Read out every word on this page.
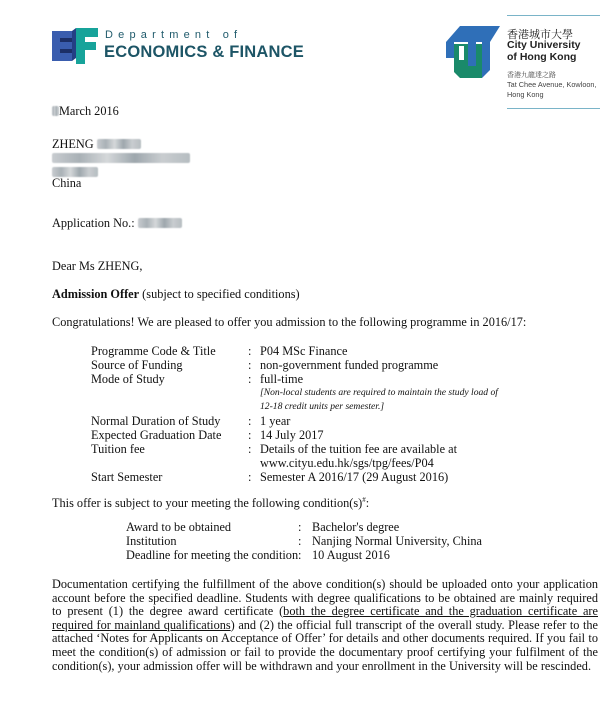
Department of
ECONOMICS & FINANCE
香港城市大學
City University
of Hong Kong
香港九龍達之路
Tat Chee Avenue, Kowloon,
Hong Kong
March 2016
ZHENG
China
Application No.:
Dear Ms ZHENG,
Admission Offer (subject to specified conditions)
Congratulations! We are pleased to offer you admission to the following programme in 2016/17:
Programme Code & Title	: P04 MSc Finance
Source of Funding	: non-government funded programme
Mode of Study	: full-time
[Non-local students are required to maintain the study load of
12-18 credit units per semester.]
Normal Duration of Study : 1 year
Expected Graduation Date : 14 July 2017
Tuition fee	: Details of the tuition fee are available at
www.cityu.edu.hk/sgs/tpg/fees/P04
Start Semester	: Semester A 2016/17 (29 August 2016)
This offer is subject to your meeting the following condition(s)#:
Award to be obtained	: Bachelor's degree
Institution	: Nanjing Normal University, China
Deadline for meeting the condition : 10 August 2016
Documentation certifying the fulfillment of the above condition(s) should be uploaded onto your application account before the specified deadline. Students with degree qualifications to be obtained are mainly required to present (1) the degree award certificate (both the degree certificate and the graduation certificate are required for mainland qualifications) and (2) the official full transcript of the overall study. Please refer to the attached ‘Notes for Applicants on Acceptance of Offer’ for details and other documents required. If you fail to meet the condition(s) of admission or fail to provide the documentary proof certifying your fulfilment of the condition(s), your admission offer will be withdrawn and your enrollment in the University will be rescinded.
